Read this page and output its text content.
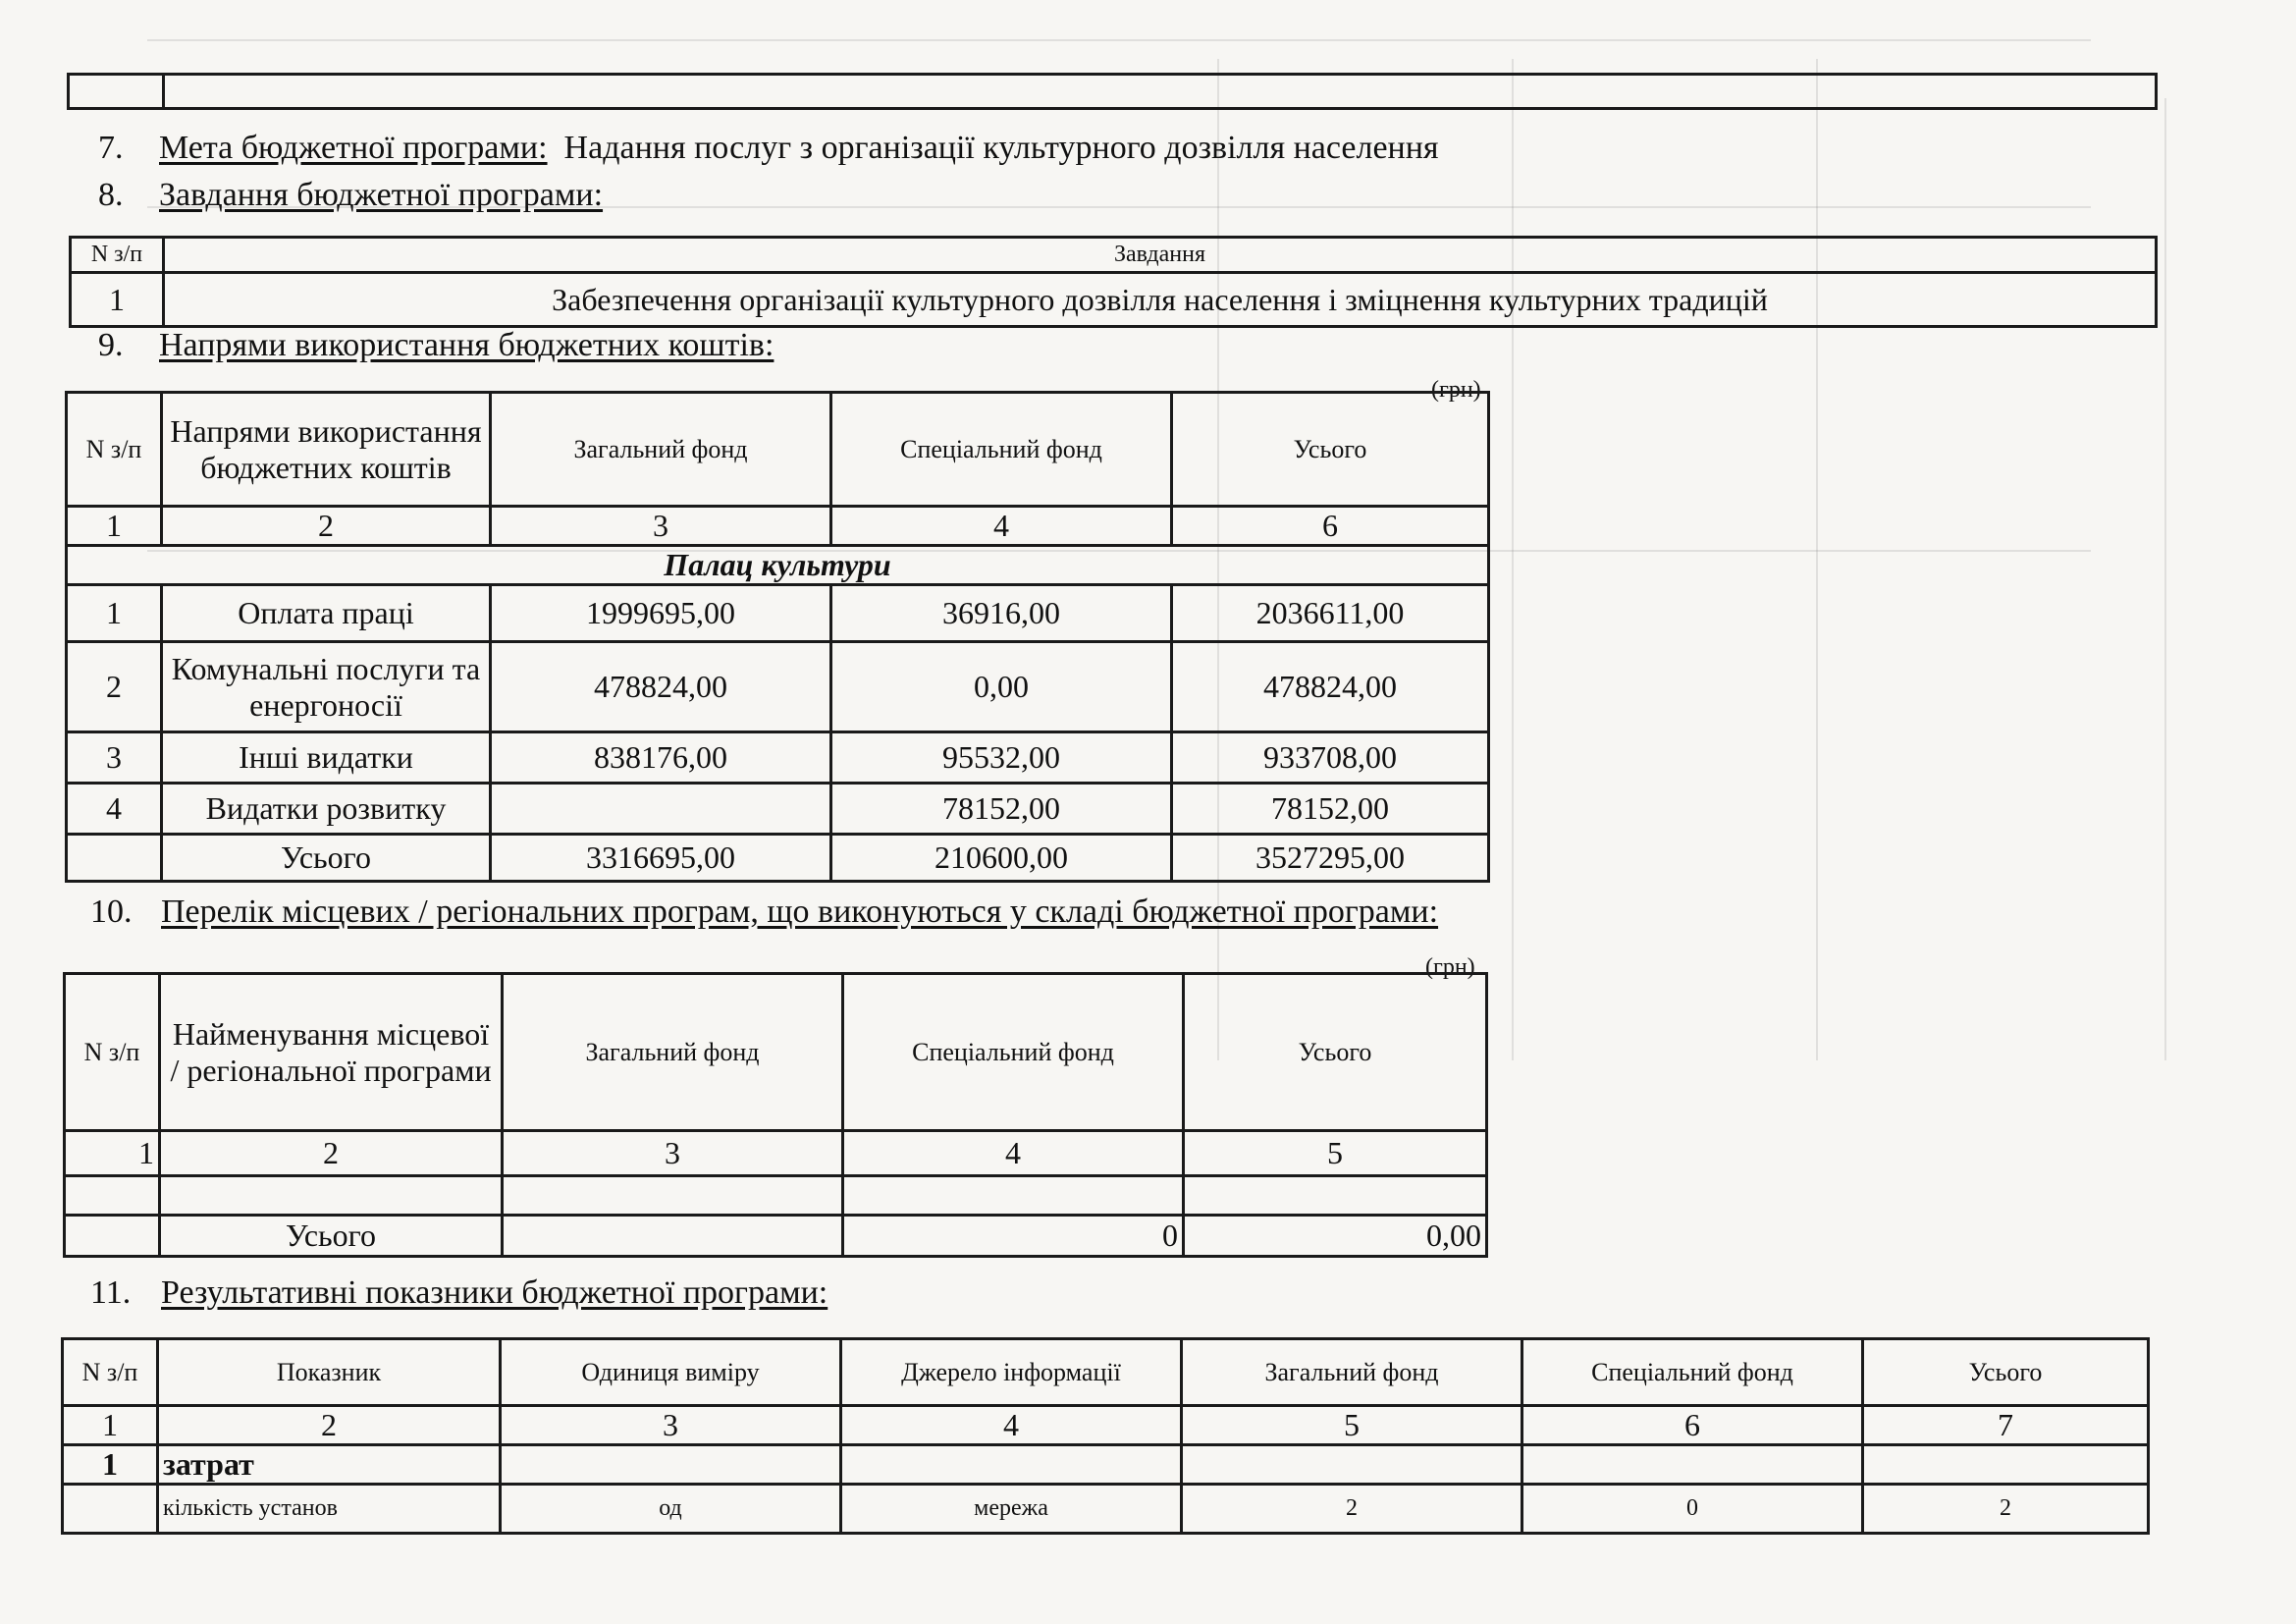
7. Мета бюджетної програми: Надання послуг з організації культурного дозвілля населення
8. Завдання бюджетної програми:
N з/п	Завдання
1	Забезпечення організації культурного дозвілля населення і зміцнення культурних традицій
9. Напрями використання бюджетних коштів:
(грн)
N з/п	Напрями використання бюджетних коштів	Загальний фонд	Спеціальний фонд	Усього
1	2	3	4	6
Палац культури				
1	Оплата праці	1999695,00	36916,00	2036611,00
2	Комунальні послуги та енергоносії	478824,00	0,00	478824,00
3	Інші видатки	838176,00	95532,00	933708,00
4	Видатки розвитку		78152,00	78152,00
	Усього	3316695,00	210600,00	3527295,00
10. Перелік місцевих / регіональних програм, що виконуються у складі бюджетної програми:
(грн)
N з/п	Найменування місцевої / регіональної програми	Загальний фонд	Спеціальний фонд	Усього
1	2	3	4	5

	Усього		0	0,00
11. Результативні показники бюджетної програми:
N з/п	Показник	Одиниця виміру	Джерело інформації	Загальний фонд	Спеціальний фонд	Усього
1	2	3	4	5	6	7
1	затрат					
	кількість установ	од	мережа	2	0	2
